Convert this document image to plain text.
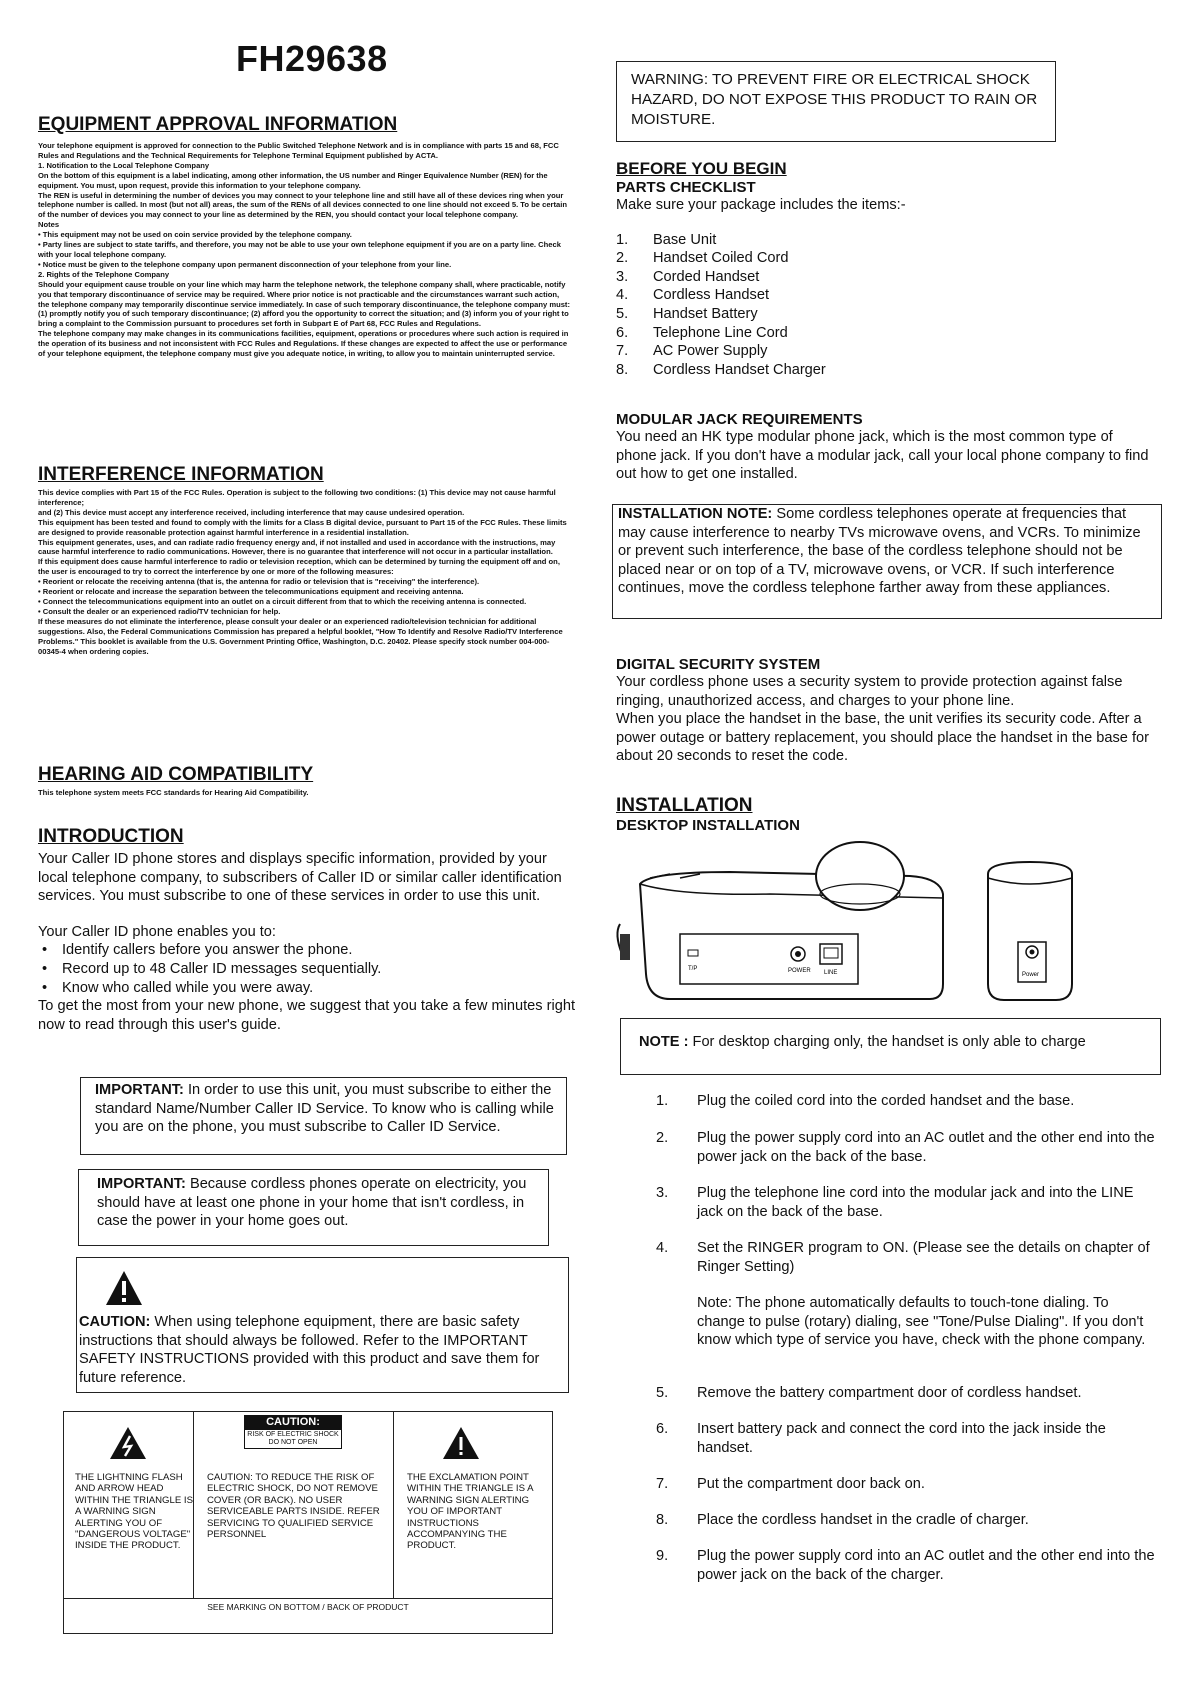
FH29638
EQUIPMENT APPROVAL INFORMATION

Your telephone equipment is approved for connection to the Public Switched Telephone Network and is in compliance with parts 15 and 68, FCC Rules and Regulations and the Technical Requirements for Telephone Terminal Equipment published by ACTA.

1. Notification to the Local Telephone Company

On the bottom of this equipment is a label indicating, among other information, the US number and Ringer Equivalence Number (REN) for the equipment. You must, upon request, provide this information to your telephone company.

The REN is useful in determining the number of devices you may connect to your telephone line and still have all of these devices ring when your telephone number is called. In most (but not all) areas, the sum of the RENs of all devices connected to one line should not exceed 5. To be certain of the number of devices you may connect to your line as determined by the REN, you should contact your local telephone company.

Notes

• This equipment may not be used on coin service provided by the telephone company.

• Party lines are subject to state tariffs, and therefore, you may not be able to use your own telephone equipment if you are on a party line. Check with your local telephone company.

• Notice must be given to the telephone company upon permanent disconnection of your telephone from your line.

2. Rights of the Telephone Company

Should your equipment cause trouble on your line which may harm the telephone network, the telephone company shall, where practicable, notify you that temporary discontinuance of service may be required. Where prior notice is not practicable and the circumstances warrant such action, the telephone company may temporarily discontinue service immediately. In case of such temporary discontinuance, the telephone company must: (1) promptly notify you of such temporary discontinuance; (2) afford you the opportunity to correct the situation; and (3) inform you of your right to bring a complaint to the Commission pursuant to procedures set forth in Subpart E of Part 68, FCC Rules and Regulations.

The telephone company may make changes in its communications facilities, equipment, operations or procedures where such action is required in the operation of its business and not inconsistent with FCC Rules and Regulations. If these changes are expected to affect the use or performance of your telephone equipment, the telephone company must give you adequate notice, in writing, to allow you to maintain uninterrupted service.

INTERFERENCE INFORMATION

This device complies with Part 15 of the FCC Rules. Operation is subject to the following two conditions: (1) This device may not cause harmful interference;

and (2) This device must accept any interference received, including interference that may cause undesired operation.

This equipment has been tested and found to comply with the limits for a Class B digital device, pursuant to Part 15 of the FCC Rules. These limits are designed to provide reasonable protection against harmful interference in a residential installation.

This equipment generates, uses, and can radiate radio frequency energy and, if not installed and used in accordance with the instructions, may cause harmful interference to radio communications. However, there is no guarantee that interference will not occur in a particular installation.

If this equipment does cause harmful interference to radio or television reception, which can be determined by turning the equipment off and on, the user is encouraged to try to correct the interference by one or more of the following measures:

• Reorient or relocate the receiving antenna (that is, the antenna for radio or television that is "receiving" the interference).

• Reorient or relocate and increase the separation between the telecommunications equipment and receiving antenna.

• Connect the telecommunications equipment into an outlet on a circuit different from that to which the receiving antenna is connected.

• Consult the dealer or an experienced radio/TV technician for help.

If these measures do not eliminate the interference, please consult your dealer or an experienced radio/television technician for additional suggestions. Also, the Federal Communications Commission has prepared a helpful booklet, "How To Identify and Resolve Radio/TV Interference Problems." This booklet is available from the U.S. Government Printing Office, Washington, D.C. 20402. Please specify stock number 004-000-00345-4 when ordering copies.

HEARING AID COMPATIBILITY
This telephone system meets FCC standards for Hearing Aid Compatibility.
INTRODUCTION

Your Caller ID phone stores and displays specific information, provided by your local telephone company, to subscribers of Caller ID or similar caller identification services. You must subscribe to one of these services in order to use this unit.

Your Caller ID phone enables you to:

• Identify callers before you answer the phone.
• Record up to 48 Caller ID messages sequentially.
• Know who called while you were away.

To get the most from your new phone, we suggest that you take a few minutes right now to read through this user's guide.

IMPORTANT: In order to use this unit, you must subscribe to either the standard Name/Number Caller ID Service. To know who is calling while you are on the phone, you must subscribe to Caller ID Service.
IMPORTANT: Because cordless phones operate on electricity, you should have at least one phone in your home that isn't cordless, in case the power in your home goes out.
CAUTION: When using telephone equipment, there are basic safety instructions that should always be followed. Refer to the IMPORTANT SAFETY INSTRUCTIONS provided with this product and save them for future reference.
THE LIGHTNING FLASH AND ARROW HEAD WITHIN THE TRIANGLE IS A WARNING SIGN ALERTING YOU OF "DANGEROUS VOLTAGE" INSIDE THE PRODUCT.
CAUTION:
RISK OF ELECTRIC SHOCK
DO NOT OPEN
CAUTION: TO REDUCE THE RISK OF ELECTRIC SHOCK, DO NOT REMOVE COVER (OR BACK). NO USER SERVICEABLE PARTS INSIDE. REFER SERVICING TO QUALIFIED SERVICE PERSONNEL
THE EXCLAMATION POINT WITHIN THE TRIANGLE IS A WARNING SIGN ALERTING YOU OF IMPORTANT INSTRUCTIONS ACCOMPANYING THE PRODUCT.
SEE MARKING ON BOTTOM / BACK OF PRODUCT
WARNING: TO PREVENT FIRE OR ELECTRICAL SHOCK HAZARD, DO NOT EXPOSE THIS PRODUCT TO RAIN OR MOISTURE.
BEFORE YOU BEGIN
PARTS CHECKLIST
Make sure your package includes the items:-
1.	Base Unit
2.	Handset Coiled Cord
3.	Corded Handset
4.	Cordless Handset
5.	Handset Battery
6.	Telephone Line Cord
7.	AC Power Supply
8.	Cordless Handset Charger
MODULAR JACK REQUIREMENTS
You need an HK type modular phone jack, which is the most common type of phone jack. If you don't have a modular jack, call your local phone company to find out how to get one installed.
INSTALLATION NOTE: Some cordless telephones operate at frequencies that may cause interference to nearby TVs microwave ovens, and VCRs. To minimize or prevent such interference, the base of the cordless telephone should not be placed near or on top of a TV, microwave ovens, or VCR. If such interference continues, move the cordless telephone farther away from these appliances.
DIGITAL SECURITY SYSTEM
Your cordless phone uses a security system to provide protection against false ringing, unauthorized access, and charges to your phone line.
When you place the handset in the base, the unit verifies its security code. After a power outage or battery replacement, you should place the handset in the base for about 20 seconds to reset the code.
INSTALLATION
DESKTOP INSTALLATION
T/P	POWER LINE	Power
NOTE : For desktop charging only, the handset is only able to charge
1.	Plug the coiled cord into the corded handset and the base.
2.	Plug the power supply cord into an AC outlet and the other end into the power jack on the back of the base.
3.	Plug the telephone line cord into the modular jack and into the LINE jack on the back of the base.
4.	Set the RINGER program to ON. (Please see the details on chapter of Ringer Setting)
Note: The phone automatically defaults to touch-tone dialing. To change to pulse (rotary) dialing, see "Tone/Pulse Dialing". If you don't know which type of service you have, check with the phone company.
5.	Remove the battery compartment door of cordless handset.
6.	Insert battery pack and connect the cord into the jack inside the handset.
7.	Put the compartment door back on.
8.	Place the cordless handset in the cradle of charger.
9.	Plug the power supply cord into an AC outlet and the other end into the power jack on the back of the charger.
